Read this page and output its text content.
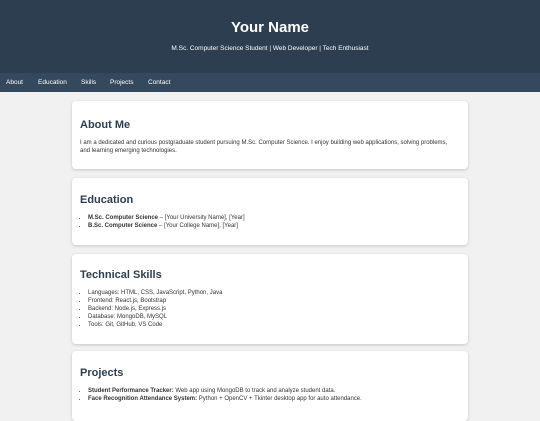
Your Name
M.Sc. Computer Science Student | Web Developer | Tech Enthusiast
About Education Skills Projects Contact
About Me

I am a dedicated and curious postgraduate student pursuing M.Sc. Computer Science. I enjoy building web applications, solving problems, and learning emerging technologies.

Education
• M.Sc. Computer Science – [Your University Name], [Year]
• B.Sc. Computer Science – [Your College Name], [Year]
Technical Skills
• Languages: HTML, CSS, JavaScript, Python, Java
• Frontend: React.js, Bootstrap
• Backend: Node.js, Express.js
• Database: MongoDB, MySQL
• Tools: Git, GitHub, VS Code
Projects
• Student Performance Tracker: Web app using MongoDB to track and analyze student data.
• Face Recognition Attendance System: Python + OpenCV + Tkinter desktop app for auto attendance.
